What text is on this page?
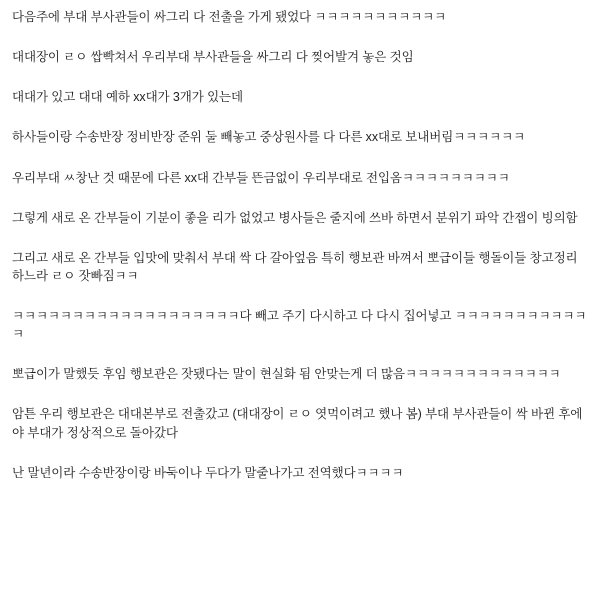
다음주에 부대 부사관들이 싸그리 다 전출을 가게 됐었다 ㅋㅋㅋㅋㅋㅋㅋㅋㅋㅋㅋ

대대장이 ㄹㅇ 쌉빡쳐서 우리부대 부사관들을 싸그리 다 찢어발겨 놓은 것임

대대가 있고 대대 예하 xx대가 3개가 있는데

하사들이랑 수송반장 정비반장 준위 둘 빼놓고 중상원사를 다 다른 xx대로 보내버림ㅋㅋㅋㅋㅋㅋ

우리부대 ㅆ창난 것 때문에 다른 xx대 간부들 뜬금없이 우리부대로 전입옴ㅋㅋㅋㅋㅋㅋㅋㅋㅋ

그렇게 새로 온 간부들이 기분이 좋을 리가 없었고 병사들은 줄지에 쓰바 하면서 분위기 파악 간잽이 빙의함

그리고 새로 온 간부들 입맛에 맞춰서 부대 싹 다 갈아엎음 특히 행보관 바껴서 뽀급이들 행돌이들 창고정리하느라 ㄹㅇ 잣빠짐ㅋㅋ

ㅋㅋㅋㅋㅋㅋㅋㅋㅋㅋㅋㅋㅋㅋㅋㅋㅋㅋㅋ다 빼고 주기 다시하고 다 다시 집어넣고 ㅋㅋㅋㅋㅋㅋㅋㅋㅋㅋㅋㅋ

뽀급이가 말했듯 후임 행보관은 잣됐다는 말이 현실화 됨 안맞는게 더 많음ㅋㅋㅋㅋㅋㅋㅋㅋㅋㅋㅋㅋㅋ

암튼 우리 행보관은 대대본부로 전출갔고 (대대장이 ㄹㅇ 엿먹이려고 했나 봄) 부대 부사관들이 싹 바뀐 후에야 부대가 정상적으로 돌아갔다

난 말년이라 수송반장이랑 바둑이나 두다가 말줄나가고 전역했다ㅋㅋㅋㅋ
